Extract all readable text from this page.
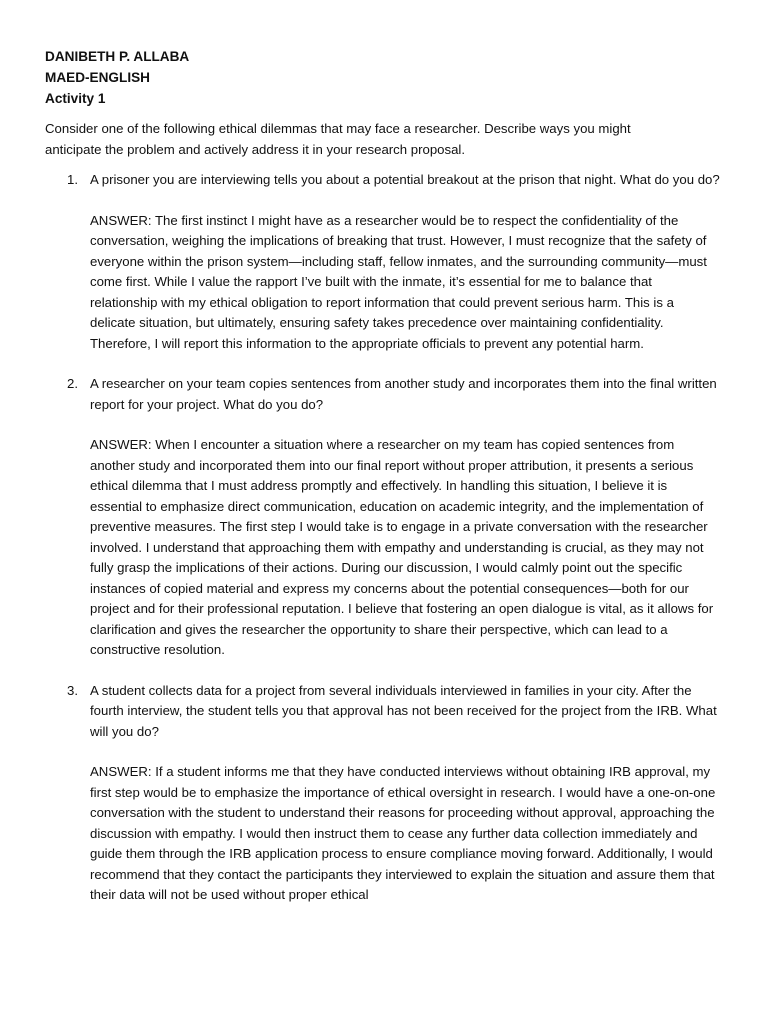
DANIBETH P. ALLABA
MAED-ENGLISH
Activity 1

Consider one of the following ethical dilemmas that may face a researcher. Describe ways you might anticipate the problem and actively address it in your research proposal.

1. A prisoner you are interviewing tells you about a potential breakout at the prison that night. What do you do?
ANSWER: The first instinct I might have as a researcher would be to respect the confidentiality of the conversation, weighing the implications of breaking that trust. However, I must recognize that the safety of everyone within the prison system—including staff, fellow inmates, and the surrounding community—must come first. While I value the rapport I’ve built with the inmate, it’s essential for me to balance that relationship with my ethical obligation to report information that could prevent serious harm. This is a delicate situation, but ultimately, ensuring safety takes precedence over maintaining confidentiality. Therefore, I will report this information to the appropriate officials to prevent any potential harm.
2. A researcher on your team copies sentences from another study and incorporates them into the final written report for your project. What do you do?
ANSWER: When I encounter a situation where a researcher on my team has copied sentences from another study and incorporated them into our final report without proper attribution, it presents a serious ethical dilemma that I must address promptly and effectively. In handling this situation, I believe it is essential to emphasize direct communication, education on academic integrity, and the implementation of preventive measures. The first step I would take is to engage in a private conversation with the researcher involved. I understand that approaching them with empathy and understanding is crucial, as they may not fully grasp the implications of their actions. During our discussion, I would calmly point out the specific instances of copied material and express my concerns about the potential consequences—both for our project and for their professional reputation. I believe that fostering an open dialogue is vital, as it allows for clarification and gives the researcher the opportunity to share their perspective, which can lead to a constructive resolution.
3. A student collects data for a project from several individuals interviewed in families in your city. After the fourth interview, the student tells you that approval has not been received for the project from the IRB. What will you do?
ANSWER: If a student informs me that they have conducted interviews without obtaining IRB approval, my first step would be to emphasize the importance of ethical oversight in research. I would have a one-on-one conversation with the student to understand their reasons for proceeding without approval, approaching the discussion with empathy. I would then instruct them to cease any further data collection immediately and guide them through the IRB application process to ensure compliance moving forward. Additionally, I would recommend that they contact the participants they interviewed to explain the situation and assure them that their data will not be used without proper ethical
